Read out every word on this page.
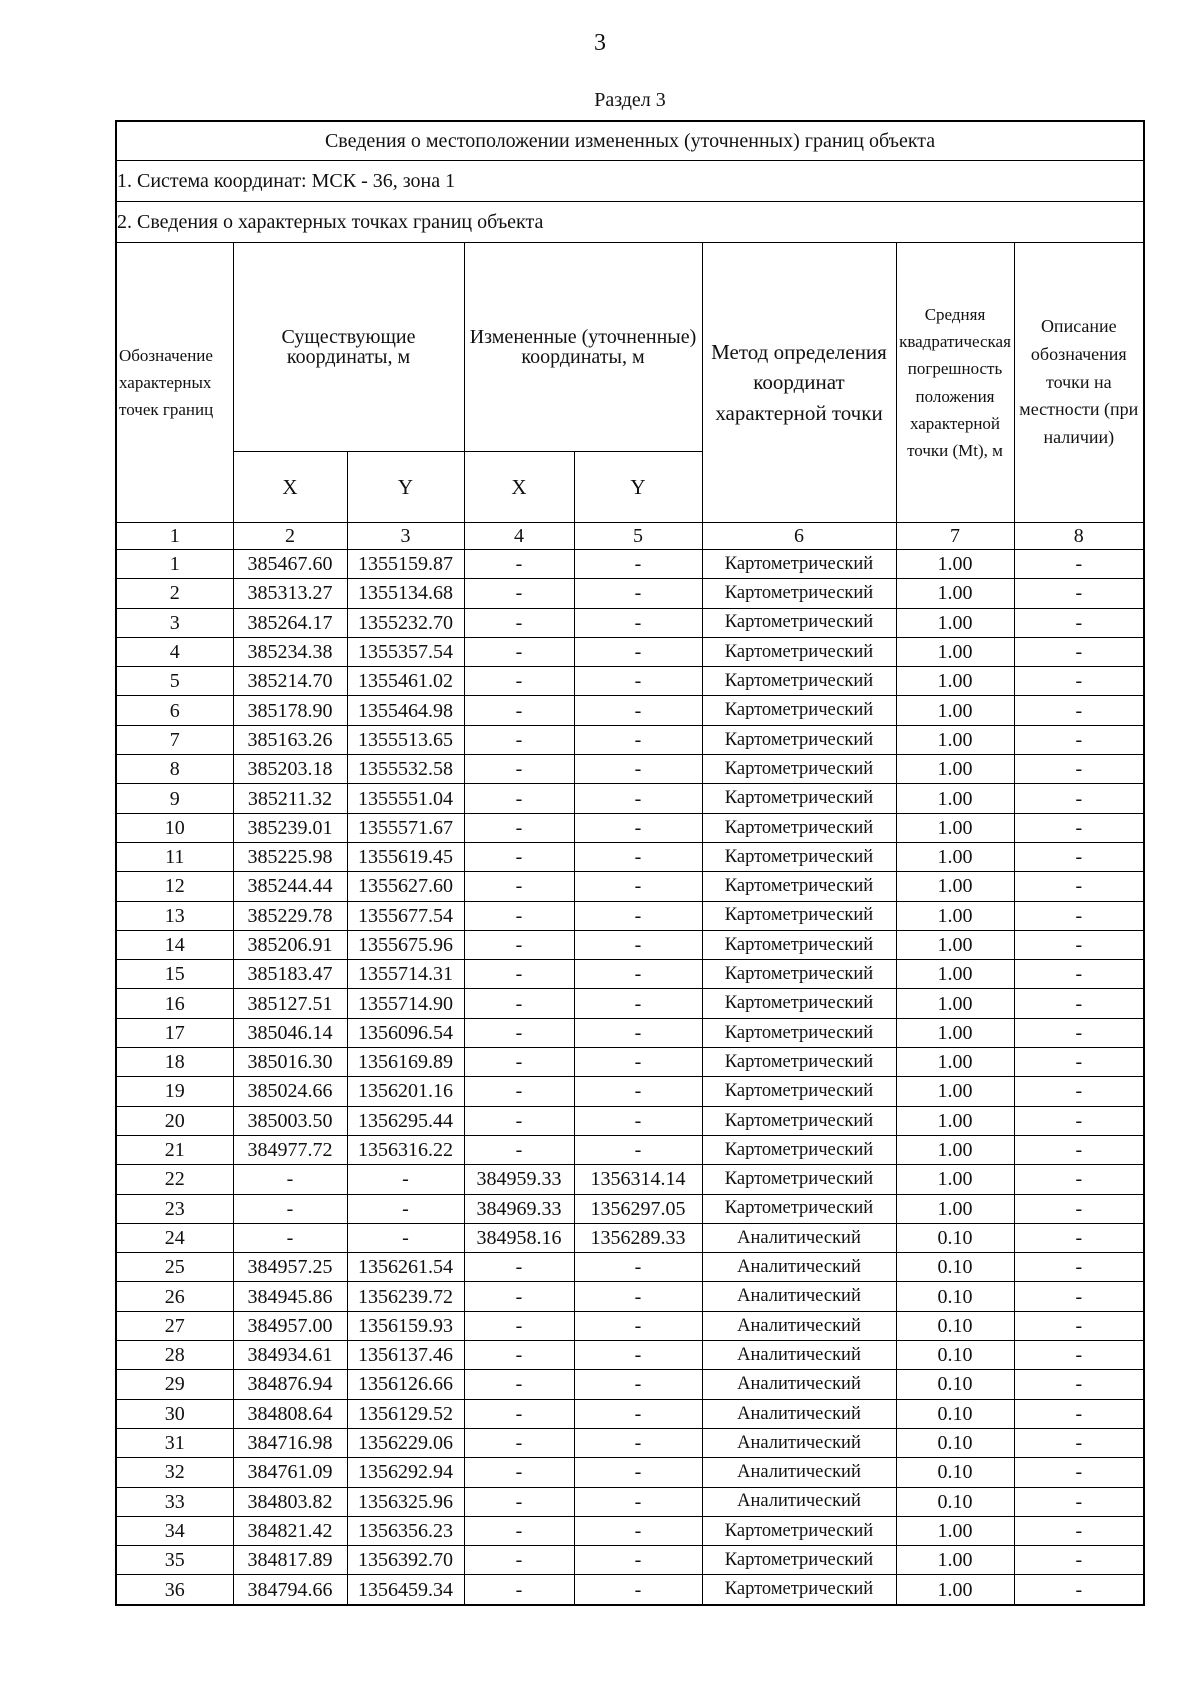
3
Раздел 3
Сведения о местоположении измененных (уточненных) границ объекта							
1. Система координат: МСК - 36, зона 1							
2. Сведения о характерных точках границ объекта							
Обозначение характерных точек границ	Существующие координаты, м		Измененные (уточненные) координаты, м		Метод определения координат характерной точки	Средняя квадратическая погрешность положения характерной точки (Mt), м	Описание обозначения точки на местности (при наличии)
	X	Y	X	Y			
1	2	3	4	5	6	7	8
1	385467.60	1355159.87	-	-	Картометрический	1.00	-
2	385313.27	1355134.68	-	-	Картометрический	1.00	-
3	385264.17	1355232.70	-	-	Картометрический	1.00	-
4	385234.38	1355357.54	-	-	Картометрический	1.00	-
5	385214.70	1355461.02	-	-	Картометрический	1.00	-
6	385178.90	1355464.98	-	-	Картометрический	1.00	-
7	385163.26	1355513.65	-	-	Картометрический	1.00	-
8	385203.18	1355532.58	-	-	Картометрический	1.00	-
9	385211.32	1355551.04	-	-	Картометрический	1.00	-
10	385239.01	1355571.67	-	-	Картометрический	1.00	-
11	385225.98	1355619.45	-	-	Картометрический	1.00	-
12	385244.44	1355627.60	-	-	Картометрический	1.00	-
13	385229.78	1355677.54	-	-	Картометрический	1.00	-
14	385206.91	1355675.96	-	-	Картометрический	1.00	-
15	385183.47	1355714.31	-	-	Картометрический	1.00	-
16	385127.51	1355714.90	-	-	Картометрический	1.00	-
17	385046.14	1356096.54	-	-	Картометрический	1.00	-
18	385016.30	1356169.89	-	-	Картометрический	1.00	-
19	385024.66	1356201.16	-	-	Картометрический	1.00	-
20	385003.50	1356295.44	-	-	Картометрический	1.00	-
21	384977.72	1356316.22	-	-	Картометрический	1.00	-
22	-	-	384959.33	1356314.14	Картометрический	1.00	-
23	-	-	384969.33	1356297.05	Картометрический	1.00	-
24	-	-	384958.16	1356289.33	Аналитический	0.10	-
25	384957.25	1356261.54	-	-	Аналитический	0.10	-
26	384945.86	1356239.72	-	-	Аналитический	0.10	-
27	384957.00	1356159.93	-	-	Аналитический	0.10	-
28	384934.61	1356137.46	-	-	Аналитический	0.10	-
29	384876.94	1356126.66	-	-	Аналитический	0.10	-
30	384808.64	1356129.52	-	-	Аналитический	0.10	-
31	384716.98	1356229.06	-	-	Аналитический	0.10	-
32	384761.09	1356292.94	-	-	Аналитический	0.10	-
33	384803.82	1356325.96	-	-	Аналитический	0.10	-
34	384821.42	1356356.23	-	-	Картометрический	1.00	-
35	384817.89	1356392.70	-	-	Картометрический	1.00	-
36	384794.66	1356459.34	-	-	Картометрический	1.00	-
